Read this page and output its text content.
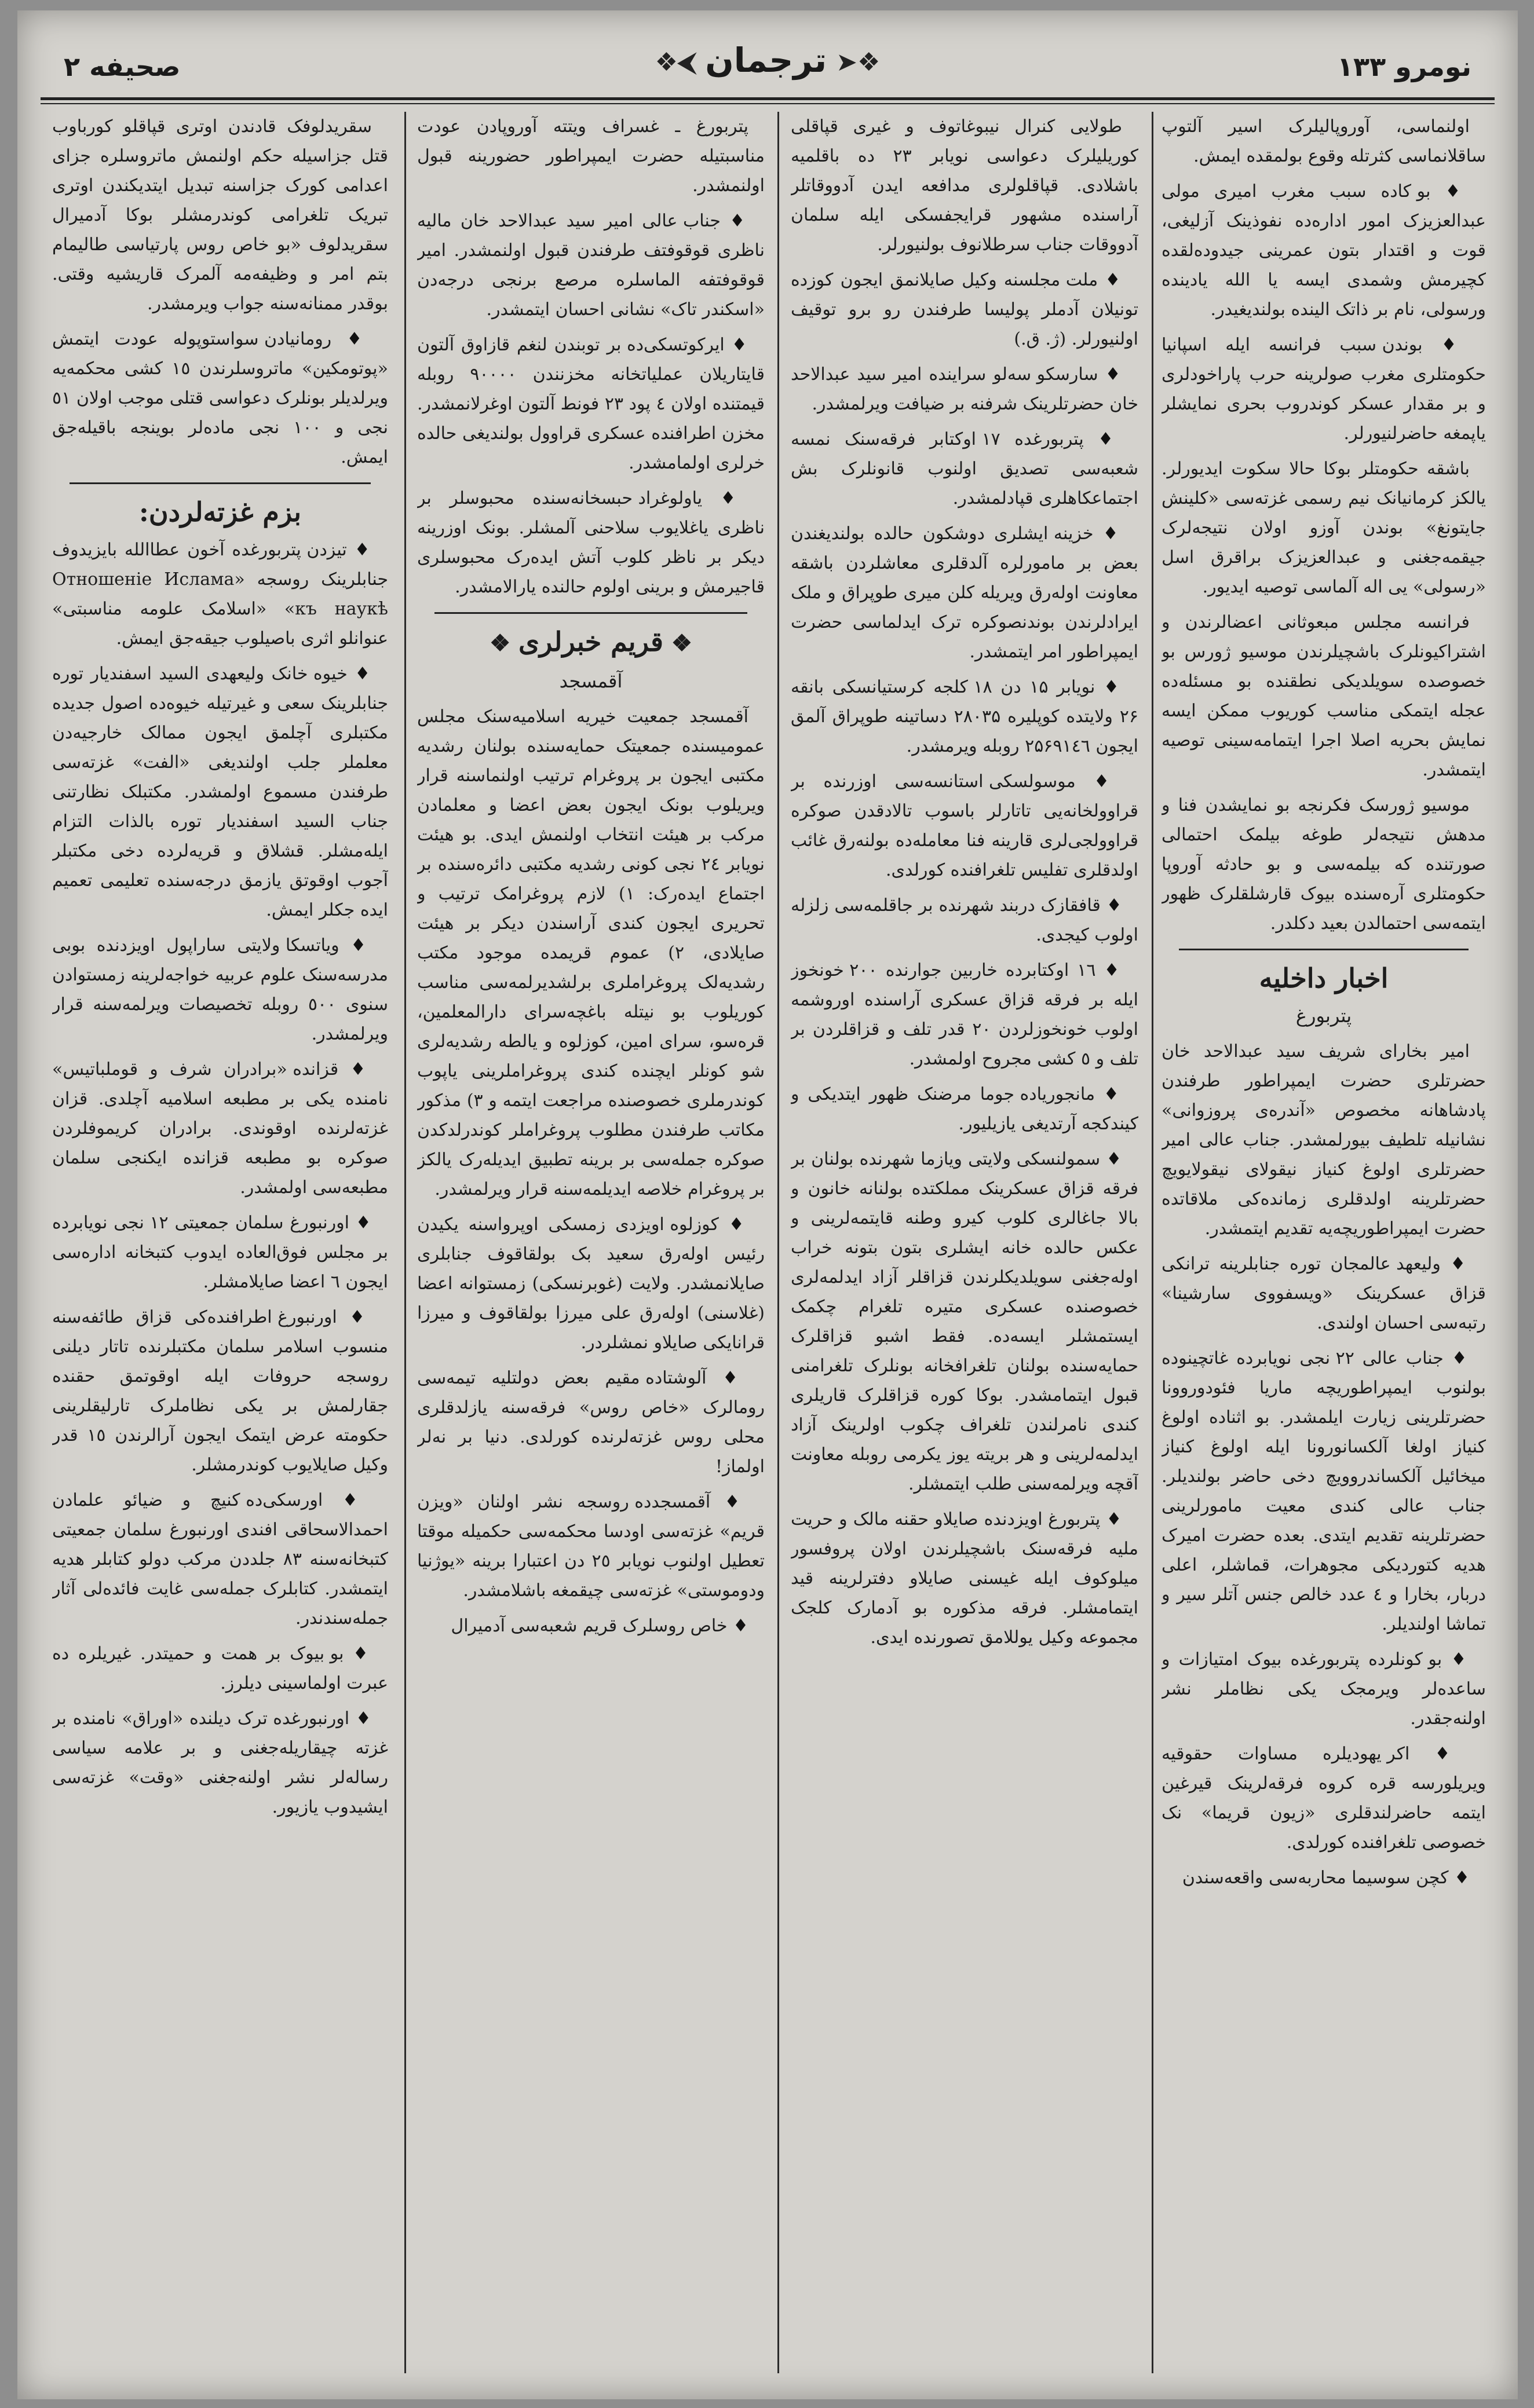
صحیفه ۲	❖➤ترجمان⮜❖	نومرو ۱۳۳

اولنماسی، آوروپالیلرک اسیر آلتوپ ساقلانماسی کثرتله وقوع بولمقده ایمش.

♦ بو کاده سبب مغرب امیری مولی عبدالعزیزک امور اداره‌ده نفوذینک آزلیغی، قوت و اقتدار بتون عمرینی جیدوده‌لقده کچیرمش وشمدی ایسه یا الله یادینده ورسولی، نام بر ذاتک الینده بولندیغیدر.

♦ بوندن سبب فرانسه ایله اسپانیا حکومتلری مغرب صولرینه حرب پاراخودلری و بر مقدار عسکر کوندروب بحری نمایشلر یاپمغه حاضرلنیورلر.

باشقه حکومتلر بوکا حالا سکوت ایدیورلر. یالکز کرمانیانک نیم رسمی غزته‌سی «کلینش جایتونغ» بوندن آوزو اولان نتیجه‌لرک جیقمه‌جغنی و عبدالعزیزک براقرق اسل «رسولی» یی اله آلماسی توصیه ایدیور.

فرانسه مجلس مبعوثانی اعضالرندن و اشتراکیونلرک باشچیلرندن موسیو ژورس بو خصوصده سویلدیکی نطقنده بو مسئله‌ده عجله ایتمکی مناسب کوریوب ممکن ایسه نمایش بحریه اصلا اجرا ایتمامه‌سینی توصیه ایتمشدر.

موسیو ژورسک فکرنجه بو نمایشدن فنا و مدهش نتیجه‌لر طوغه بیلمک احتمالی صورتنده که بیلمه‌سی و بو حادثه آوروپا حکومتلری آره‌سنده بیوک قارشلقلرک ظهور ایتمه‌سی احتمالدن بعید دکلدر.

اخبار داخلیه

پتربورغ

امیر بخارای شریف سید عبدالاحد خان حضرتلری حضرت ایمپراطور طرفندن پادشاهانه مخصوص «آندره‌ی پروزوانی» نشانیله تلطیف بیورلمشدر. جناب عالی امیر حضرتلری اولوغ کنیاز نیقولای نیقولایویچ حضرتلرینه اولدقلری زمانده‌کی ملاقاتده حضرت ایمپراطوریچه‌یه تقدیم ایتمشدر.

♦ ولیعهد عالمجان توره جنابلرینه ترانکی قزاق عسکرینک «ویسفووی سارشینا» رتبه‌سی احسان اولندی.

♦ جناب عالی ۲۲ نجی نویابرده غاتچینوده بولنوب ایمپراطوریچه ماریا فئودوروونا حضرتلرینی زیارت ایلمشدر. بو اثناده اولوغ کنیاز اولغا آلکسانورونا ایله اولوغ کنیاز میخائیل آلکساندروویچ دخی حاضر بولندیلر. جناب عالی کندی معیت مامورلرینی حضرتلرینه تقدیم ایتدی. بعده حضرت امیرک هدیه کتوردیکی مجوهرات، قماشلر، اعلی دربار، بخارا و ٤ عدد خالص جنس آتلر سیر و تماشا اولندیلر.

♦ بو کونلرده پتربورغده بیوک امتیازات و ساعده‌لر ویرمجک یکی نظاملر نشر اولنه‌جقدر.

♦ اکر یهودیلره مساوات حقوقیه ویریلورسه قره کروه فرقه‌لرینک قیرغین ایتمه حاضرلندقلری «زیون قریما» نک خصوصی تلغرافنده کورلدی.

♦ کچن سوسیما محاربه‌سی واقعه‌سندن

طولایی کنرال نیبوغاتوف و غیری قپاقلی کوریلیلرک دعواسی نویابر ۲۳ ده باقلمیه باشلادی. قپاقلولری مدافعه ایدن آدووقاتلر آراسنده مشهور قرایجفسکی ایله سلمان آدووقات جناب سرطلانوف بولنیورلر.

♦ ملت مجلسنه وکیل صایلانمق ایجون کوزده تونیلان آدملر پولیسا طرفندن رو برو توقیف اولنیورلر. (ژ. ق.)

♦ سارسکو سه‌لو سراینده امیر سید عبدالاحد خان حضرتلرینک شرفنه بر ضیافت ویرلمشدر.

♦ پتربورغده ۱۷ اوکتابر فرقه‌سنک نمسه شعبه‌سی تصدیق اولنوب قانونلرک بش اجتماعکاهلری قپادلمشدر.

♦ خزینه ایشلری دوشکون حالده بولندیغندن بعض بر مامورلره آلدقلری معاشلردن باشقه معاونت اوله‌رق ویریله کلن میری طوپراق و ملک ایرادلرندن بوندنصوکره ترک ایدلماسی حضرت ایمپراطور امر ایتمشدر.

♦ نویابر ۱۵ دن ۱۸ کلجه کرستیانسکی بانقه ۲۶ ولایتده کوپلیره ۲۸۰۳۵ دساتینه طوپراق آلمق ایجون ۲۵۶۹۱٤٦ روبله ویرمشدر.

♦ موسولسکی استانسه‌سی اوزرنده بر قراوولخانه‌یی تاتارلر باسوب تالادقدن صوکره قراوولجی‌لری قارینه فنا معامله‌ده بولنه‌رق غائب اولدقلری تفلیس تلغرافنده کورلدی.

♦ قافقازک دربند شهرنده بر جاقلمه‌سی زلزله اولوب کیجدی.

♦ ۱٦ اوکتابرده خاربین جوارنده ۲۰۰ خونخوز ایله بر فرقه قزاق عسکری آراسنده اوروشمه اولوب خونخوزلردن ۲۰ قدر تلف و قزاقلردن بر تلف و ٥ کشی مجروح اولمشدر.

♦ مانجوریاده جوما مرضنک ظهور ایتدیکی و کیندکجه آرتدیغی یازیلیور.

♦ سمولنسکی ولایتی ویازما شهرنده بولنان بر فرقه قزاق عسکرینک مملکتده بولنانه خانون و بالا جاغالری کلوب کیرو وطنه قایتمه‌لرینی و عکس حالده خانه ایشلری بتون بتونه خراب اوله‌جغنی سویلدیکلرندن قزاقلر آزاد ایدلمه‌لری خصوصنده عسکری متیره تلغرام چکمک ایستمشلر ایسه‌ده. فقط اشبو قزاقلرک حمایه‌سنده بولنان تلغرافخانه بونلرک تلغرامنی قبول ایتمامشدر. بوکا کوره قزاقلرک قاریلری کندی نامرلندن تلغراف چکوب اولرینک آزاد ایدلمه‌لرینی و هر بریته یوز یکرمی روبله معاونت آقچه ویرلمه‌سنی طلب ایتمشلر.

♦ پتربورغ اویزدنده صایلاو حقنه مالک و حریت ملیه فرقه‌سنک باشچیلرندن اولان پروفسور میلوکوف ایله غیسنی صایلاو دفترلرینه قید ایتمامشلر. فرقه مذکوره بو آدمارک کلجک مجموعه وکیل یوللامق تصورنده ایدی.

پتربورغ ـ غسراف ویتته آوروپادن عودت مناسبتیله حضرت ایمپراطور حضورینه قبول اولنمشدر.

♦ جناب عالی امیر سید عبدالاحد خان مالیه ناظری قوقوفتف طرفندن قبول اولنمشدر. امیر قوقوفتفه الماسلره مرصع برنجی درجه‌دن «اسکندر تاک» نشانی احسان ایتمشدر.

♦ ایرکوتسکی‌ده بر توبندن لنغم قازاوق آلتون قایتاریلان عملیاتخانه مخزنندن ۹۰۰۰۰ روبله قیمتنده اولان ٤ پود ۲۳ فونط آلتون اوغرلانمشدر. مخزن اطرافنده عسکری قراوول بولندیغی حالده خرلری اولمامشدر.

♦ یاولوغراد حبسخانه‌سنده محبوسلر بر ناظری یاغلایوب سلاحنی آلمشلر. بونک اوزرینه دیکر بر ناظر کلوب آتش ایده‌رک محبوسلری قاجیرمش و برینی اولوم حالنده یارالامشدر.

❖قریم خبرلری❖

آقمسجد

آقمسجد جمعیت خیریه اسلامیه‌سنک مجلس عمومیسنده جمعیتک حمایه‌سنده بولنان رشدیه مکتبی ایجون بر پروغرام ترتیب اولنماسنه قرار ویریلوب بونک ایجون بعض اعضا و معلمادن مرکب بر هیئت انتخاب اولنمش ایدی. بو هیئت نویابر ۲٤ نجی کونی رشدیه مکتبی دائره‌سنده بر اجتماع ایده‌رک: ۱) لازم پروغرامک ترتیب و تحریری ایجون کندی آراسندن دیکر بر هیئت صایلادی، ۲) عموم قریمده موجود مکتب رشدیه‌لک پروغراملری برلشدیرلمه‌سی مناسب کوریلوب بو نیتله باغچه‌سرای دارالمعلمین، قره‌سو، سرای امین، کوزلوه و یالطه رشدیه‌لری شو کونلر ایچنده کندی پروغراملرینی یاپوب کوندرملری خصوصنده مراجعت ایتمه و ۳) مذکور مکاتب طرفندن مطلوب پروغراملر کوندرلدکدن صوکره جمله‌سی بر برینه تطبیق ایدیله‌رک یالکز بر پروغرام خلاصه ایدیلمه‌سنه قرار ویرلمشدر.

♦ کوزلوه اویزدی زمسکی اوپرواسنه یکیدن رئیس اوله‌رق سعید بک بولقاقوف جنابلری صایلانمشدر. ولایت (غوبرنسکی) زمستوانه اعضا (غلاسنی) اوله‌رق علی میرزا بولقاقوف و میرزا قرانایکی صایلاو نمشلردر.

♦ آلوشتاده مقیم بعض دولتلیه تیمه‌سی رومالرک «خاص روس» فرقه‌سنه یازلدقلری محلی روس غزته‌لرنده کورلدی. دنیا بر نه‌لر اولماز!

♦ آقمسجدده روسجه نشر اولنان «ویزن قریم» غزته‌سی اودسا محکمه‌سی حکمیله موقتا تعطیل اولنوب نویابر ۲٥ دن اعتبارا برینه «یوژنیا ودوموستی» غزته‌سی چیقمغه باشلامشدر.

♦ خاص روسلرک قریم شعبه‌سی آدمیرال

سقریدلوفک قادندن اوتری قپاقلو کورباوب قتل جزاسیله حکم اولنمش ماتروسلره جزای اعدامی کورک جزاسنه تبدیل ایتدیکندن اوتری تبریک تلغرامی کوندرمشلر بوکا آدمیرال سقریدلوف «بو خاص روس پارتیاسی طالیمام بتم امر و وظیفه‌مه آلمرک قاریشیه وقتی. بوقدر ممنانه‌سنه جواب ویرمشدر.

♦ رومانیادن سواستوپوله عودت ایتمش «پوتومکین» ماتروسلرندن ۱٥ کشی محکمه‌یه ویرلدیلر بونلرک دعواسی قتلی موجب اولان ٥۱ نجی و ۱۰۰ نجی ماده‌لر بوینجه باقیله‌جق ایمش.

بزم غزته‌لردن:

♦ تیزدن پتربورغده آخون عطاالله بایزیدوف جنابلرینک روسجه «Отношеніе Ислама къ наукѣ» «اسلامک علومه مناسبتی» عنوانلو اثری باصیلوب جیقه‌جق ایمش.

♦ خیوه خانک ولیعهدی السید اسفندیار توره جنابلرینک سعی و غیرتیله خیوه‌ده اصول جدیده مکتبلری آچلمق ایجون ممالک خارجیه‌دن معلملر جلب اولندیغی «الفت» غزته‌سی طرفندن مسموع اولمشدر. مکتبلک نظارتنی جناب السید اسفندیار توره بالذات التزام ایله‌مشلر. قشلاق و قریه‌لرده دخی مکتبلر آجوب اوقوتق یازمق درجه‌سنده تعلیمی تعمیم ایده جکلر ایمش.

♦ ویاتسکا ولایتی ساراپول اویزدنده بوبی مدرسه‌سنک علوم عربیه خواجه‌لرینه زمستوادن سنوی ٥۰۰ روبله تخصیصات ویرلمه‌سنه قرار ویرلمشدر.

♦ قزانده «برادران شرف و قوملباتیس» نامنده یکی بر مطبعه اسلامیه آچلدی. قزان غزته‌لرنده اوقوندی. برادران کریموفلردن صوکره بو مطبعه قزانده ایکنجی سلمان مطبعه‌سی اولمشدر.

♦ اورنبورغ سلمان جمعیتی ۱۲ نجی نویابرده بر مجلس فوق‌العاده ایدوب کتبخانه اداره‌سی ایجون ٦ اعضا صایلامشلر.

♦ اورنبورغ اطرافنده‌کی قزاق طائفه‌سنه منسوب اسلامر سلمان مکتبلرنده تاتار دیلنی روسجه حروفات ایله اوقوتمق حقنده جقارلمش بر یکی نظاملرک تارلیقلرینی حکومته عرض ایتمک ایجون آرالرندن ۱٥ قدر وکیل صایلایوب کوندرمشلر.

♦ اورسکی‌ده کنیچ و ضیائو علمادن احمدالاسحاقی افندی اورنبورغ سلمان جمعیتی کتبخانه‌سنه ۸۳ جلددن مرکب دولو کتابلر هدیه ایتمشدر. کتابلرک جمله‌سی غایت فائده‌لی آثار جمله‌سندندر.

♦ بو بیوک بر همت و حمیتدر. غیریلره ده عبرت اولماسینی دیلرز.

♦ اورنبورغده ترک دیلنده «اوراق» نامنده بر غزته چیقاریله‌جغنی و بر علامه سیاسی رساله‌لر نشر اولنه‌جغنی «وقت» غزته‌سی ایشیدوب یازیور.
